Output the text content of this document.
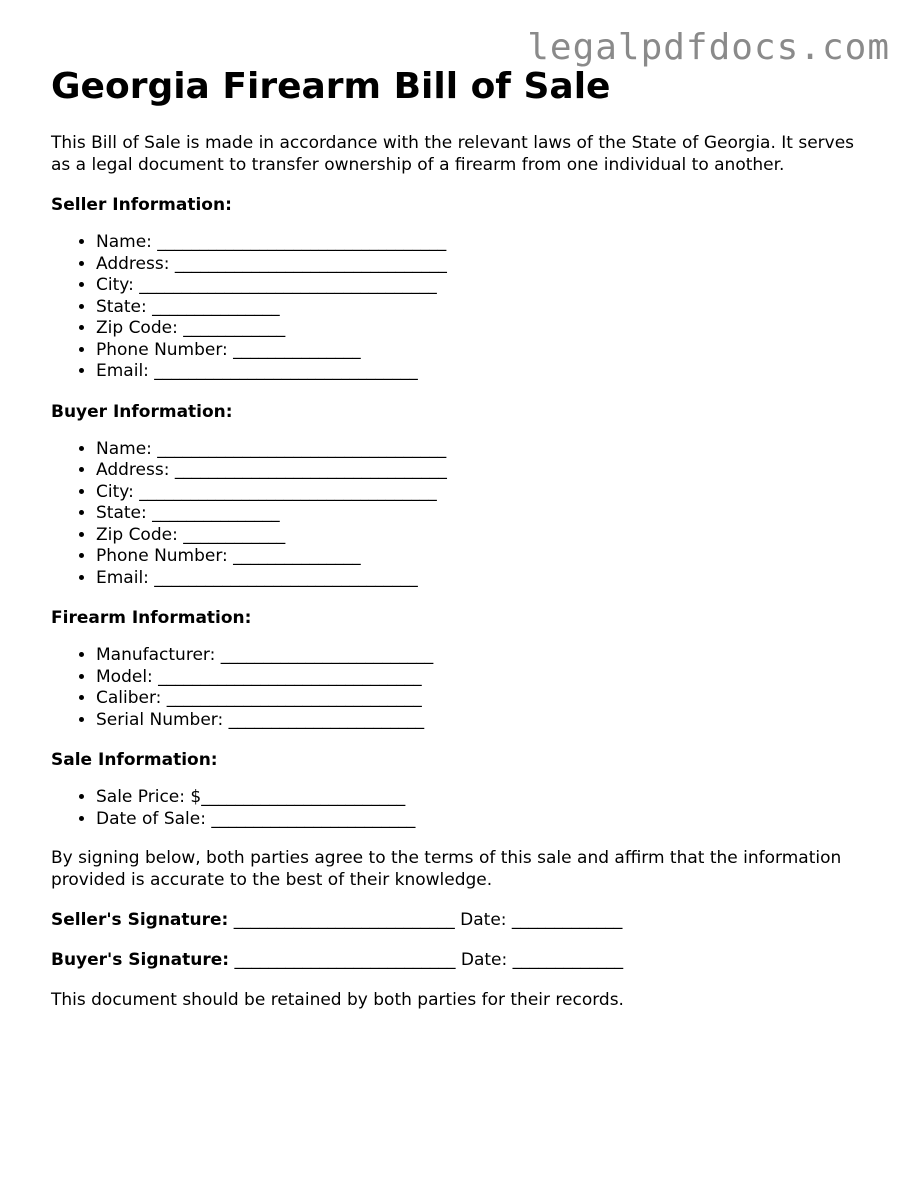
legalpdfdocs.com
Georgia Firearm Bill of Sale

This Bill of Sale is made in accordance with the relevant laws of the State of Georgia. It serves as a legal document to transfer ownership of a firearm from one individual to another.

Seller Information:
• Name: __________________________________
• Address: ________________________________
• City: ___________________________________
• State: _______________
• Zip Code: ____________
• Phone Number: _______________
• Email: _______________________________
Buyer Information:
• Name: __________________________________
• Address: ________________________________
• City: ___________________________________
• State: _______________
• Zip Code: ____________
• Phone Number: _______________
• Email: _______________________________
Firearm Information:
• Manufacturer: _________________________
• Model: _______________________________
• Caliber: ______________________________
• Serial Number: _______________________
Sale Information:
• Sale Price: $________________________
• Date of Sale: ________________________

By signing below, both parties agree to the terms of this sale and affirm that the information provided is accurate to the best of their knowledge.

Seller's Signature: __________________________ Date: _____________
Buyer's Signature: __________________________ Date: _____________

This document should be retained by both parties for their records.
